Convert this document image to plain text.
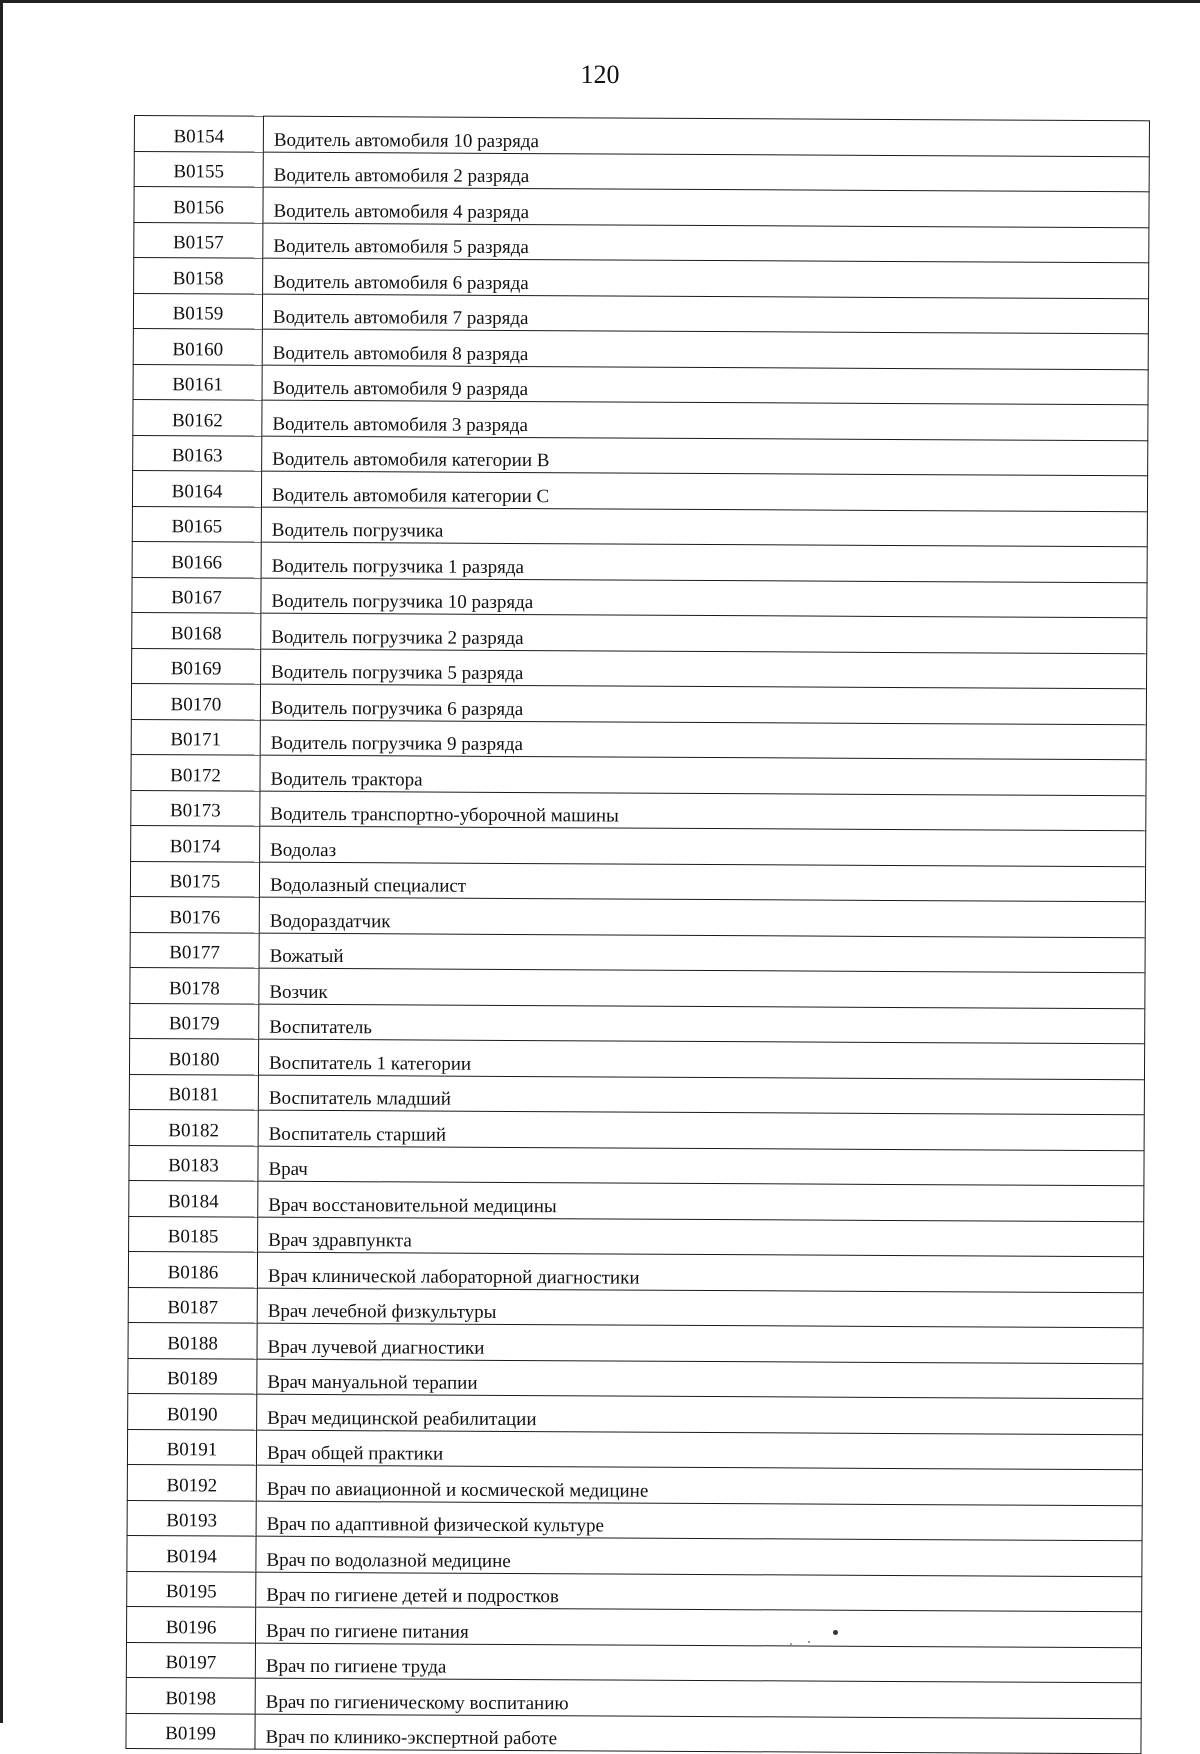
120
B0154	Водитель автомобиля 10 разряда
B0155	Водитель автомобиля 2 разряда
B0156	Водитель автомобиля 4 разряда
B0157	Водитель автомобиля 5 разряда
B0158	Водитель автомобиля 6 разряда
B0159	Водитель автомобиля 7 разряда
B0160	Водитель автомобиля 8 разряда
B0161	Водитель автомобиля 9 разряда
B0162	Водитель автомобиля 3 разряда
B0163	Водитель автомобиля категории B
B0164	Водитель автомобиля категории C
B0165	Водитель погрузчика
B0166	Водитель погрузчика 1 разряда
B0167	Водитель погрузчика 10 разряда
B0168	Водитель погрузчика 2 разряда
B0169	Водитель погрузчика 5 разряда
B0170	Водитель погрузчика 6 разряда
B0171	Водитель погрузчика 9 разряда
B0172	Водитель трактора
B0173	Водитель транспортно-уборочной машины
B0174	Водолаз
B0175	Водолазный специалист
B0176	Водораздатчик
B0177	Вожатый
B0178	Возчик
B0179	Воспитатель
B0180	Воспитатель 1 категории
B0181	Воспитатель младший
B0182	Воспитатель старший
B0183	Врач
B0184	Врач восстановительной медицины
B0185	Врач здравпункта
B0186	Врач клинической лабораторной диагностики
B0187	Врач лечебной физкультуры
B0188	Врач лучевой диагностики
B0189	Врач мануальной терапии
B0190	Врач медицинской реабилитации
B0191	Врач общей практики
B0192	Врач по авиационной и космической медицине
B0193	Врач по адаптивной физической культуре
B0194	Врач по водолазной медицине
B0195	Врач по гигиене детей и подростков
B0196	Врач по гигиене питания
B0197	Врач по гигиене труда
B0198	Врач по гигиеническому воспитанию
B0199	Врач по клинико-экспертной работе
